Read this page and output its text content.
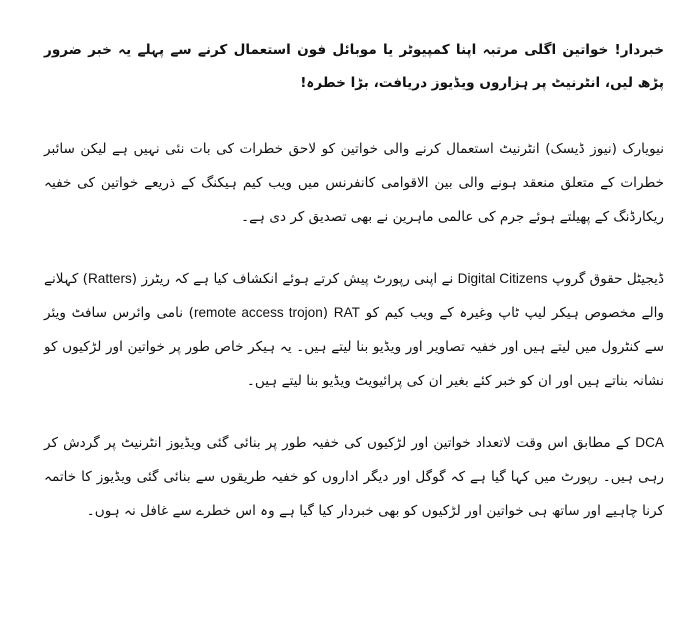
خبردار! خواتین اگلی مرتبہ اپنا کمپیوٹر یا موبائل فون استعمال کرنے سے پہلے یہ خبر ضرور پڑھ لیں، انٹرنیٹ پر ہزاروں ویڈیوز دریافت، بڑا خطرہ!

نیویارک (نیوز ڈیسک) انٹرنیٹ استعمال کرنے والی خواتین کو لاحق خطرات کی بات نئی نہیں ہے لیکن سائبر خطرات کے متعلق منعقد ہونے والی بین الاقوامی کانفرنس میں ویب کیم ہیکنگ کے ذریعے خواتین کی خفیہ ریکارڈنگ کے پھیلتے ہوئے جرم کی عالمی ماہرین نے بھی تصدیق کر دی ہے۔

ڈیجیٹل حقوق گروپ Digital Citizens نے اپنی رپورٹ پیش کرتے ہوئے انکشاف کیا ہے کہ ریٹرز (Ratters) کہلانے والے مخصوص ہیکر لیپ ٹاپ وغیرہ کے ویب کیم کو RAT (remote access trojon) نامی وائرس سافٹ ویئر سے کنٹرول میں لیتے ہیں اور خفیہ تصاویر اور ویڈیو بنا لیتے ہیں۔ یہ ہیکر خاص طور پر خواتین اور لڑکیوں کو نشانہ بناتے ہیں اور ان کو خبر کئے بغیر ان کی پرائیویٹ ویڈیو بنا لیتے ہیں۔

DCA کے مطابق اس وقت لاتعداد خواتین اور لڑکیوں کی خفیہ طور پر بنائی گئی ویڈیوز انٹرنیٹ پر گردش کر رہی ہیں۔ رپورٹ میں کہا گیا ہے کہ گوگل اور دیگر اداروں کو خفیہ طریقوں سے بنائی گئی ویڈیوز کا خاتمہ کرنا چاہیے اور ساتھ ہی خواتین اور لڑکیوں کو بھی خبردار کیا گیا ہے وہ اس خطرے سے غافل نہ ہوں۔
